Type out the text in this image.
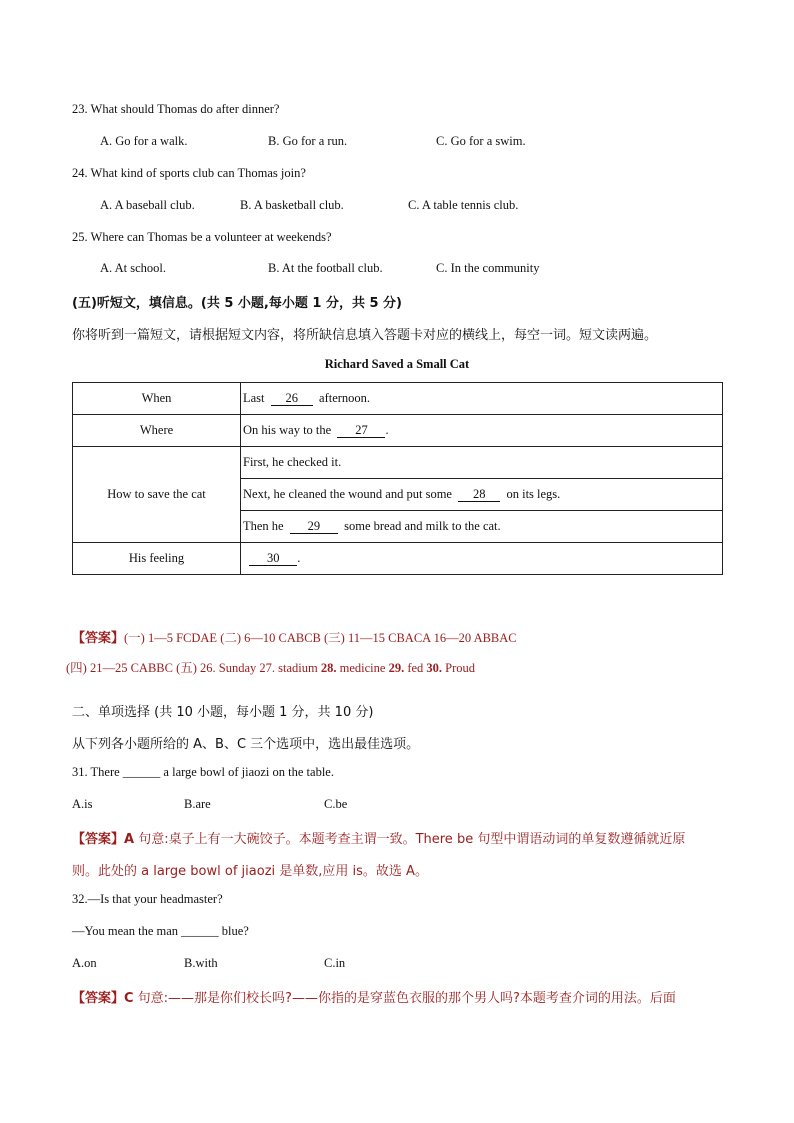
23. What should Thomas do after dinner?
A. Go for a walk.	B. Go for a run.	C. Go for a swim.
24. What kind of sports club can Thomas join?
A. A baseball club.	B. A basketball club.	C. A table tennis club.
25. Where can Thomas be a volunteer at weekends?
A. At school.	B. At the football club.	C. In the community
(五)听短文，填信息。(共 5 小题,每小题 1 分，共 5 分)
你将听到一篇短文，请根据短文内容，将所缺信息填入答题卡对应的横线上，每空一词。短文读两遍。
Richard Saved a Small Cat
When	Last 26 afternoon.
Where	On his way to the 27 .
How to save the cat	First, he checked it.
	Next, he cleaned the wound and put some 28 on its legs.
	Then he 29 some bread and milk to the cat.
His feeling	30 .
【答案】(一) 1—5 FCDAE (二) 6—10 CABCB (三) 11—15 CBACA 16—20 ABBAC
(四) 21—25 CABBC (五) 26. Sunday 27. stadium 28. medicine 29. fed 30. Proud
二、单项选择 (共 10 小题，每小题 1 分，共 10 分)
从下列各小题所给的 A、B、C 三个选项中，选出最佳选项。
31. There ______ a large bowl of jiaozi on the table.
A.is	B.are	C.be
【答案】A 句意:桌子上有一大碗饺子。本题考查主谓一致。There be 句型中谓语动词的单复数遵循就近原
则。此处的 a large bowl of jiaozi 是单数,应用 is。故选 A。
32.—Is that your headmaster?
—You mean the man ______ blue?
A.on	B.with	C.in
【答案】C 句意:——那是你们校长吗?——你指的是穿蓝色衣服的那个男人吗?本题考查介词的用法。后面
